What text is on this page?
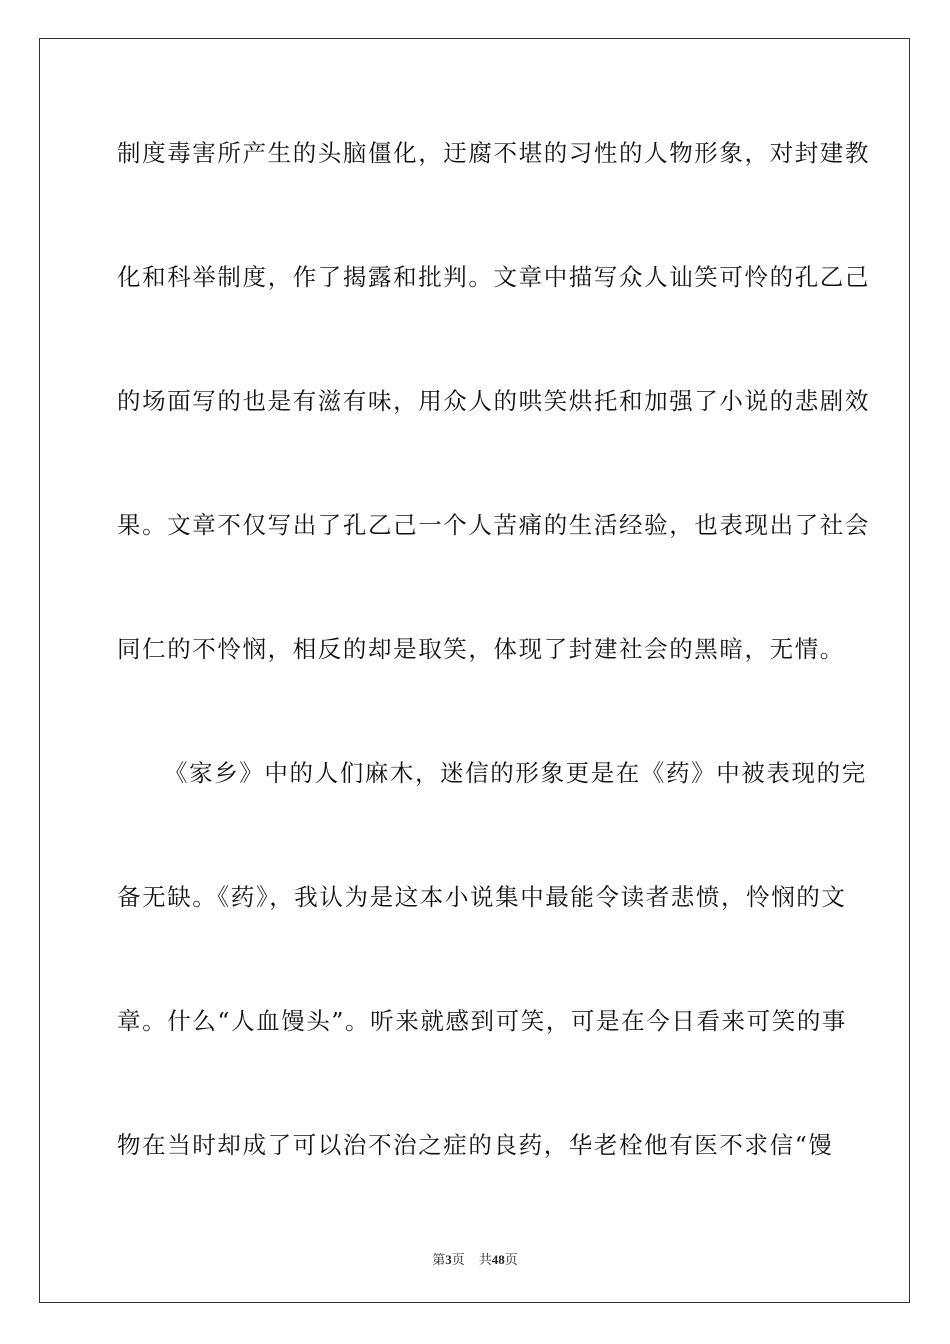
制度毒害所产生的头脑僵化，迂腐不堪的习性的人物形象，对封建教
化和科举制度，作了揭露和批判。文章中描写众人讪笑可怜的孔乙己
的场面写的也是有滋有味，用众人的哄笑烘托和加强了小说的悲剧效
果。文章不仅写出了孔乙己一个人苦痛的生活经验，也表现出了社会
同仁的不怜悯，相反的却是取笑，体现了封建社会的黑暗，无情。
《家乡》中的人们麻木，迷信的形象更是在《药》中被表现的完
备无缺。《药》，我认为是这本小说集中最能令读者悲愤，怜悯的文
章。什么“人血馒头”。听来就感到可笑，可是在今日看来可笑的事
物在当时却成了可以治不治之症的良药，华老栓他有医不求信“馒
第3页 共48页
